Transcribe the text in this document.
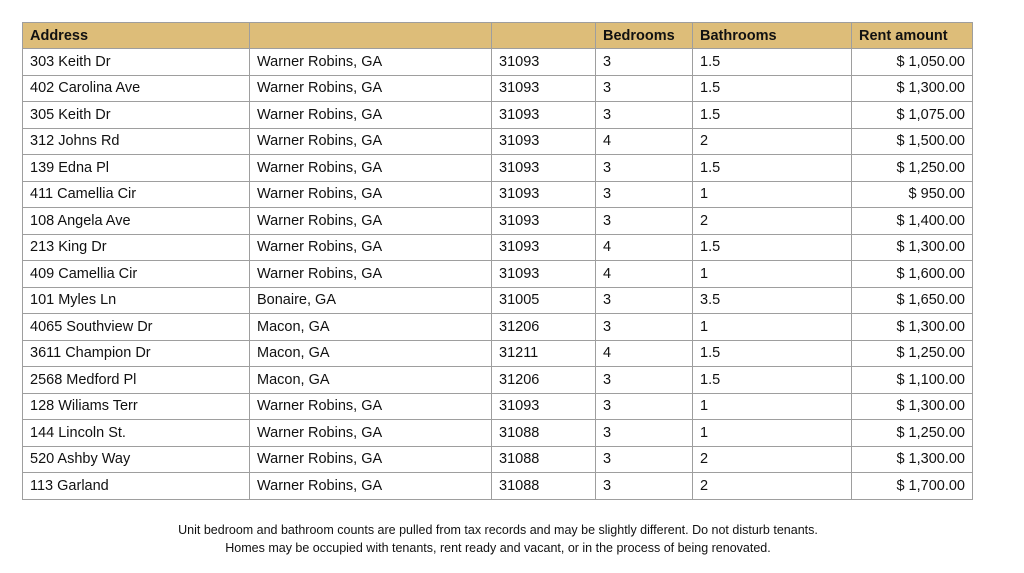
Address			Bedrooms	Bathrooms	Rent amount
303 Keith Dr	Warner Robins, GA	31093	3	1.5	$ 1,050.00
402 Carolina Ave	Warner Robins, GA	31093	3	1.5	$ 1,300.00
305 Keith Dr	Warner Robins, GA	31093	3	1.5	$ 1,075.00
312 Johns Rd	Warner Robins, GA	31093	4	2	$ 1,500.00
139 Edna Pl	Warner Robins, GA	31093	3	1.5	$ 1,250.00
411 Camellia Cir	Warner Robins, GA	31093	3	1	$ 950.00
108 Angela Ave	Warner Robins, GA	31093	3	2	$ 1,400.00
213 King Dr	Warner Robins, GA	31093	4	1.5	$ 1,300.00
409 Camellia Cir	Warner Robins, GA	31093	4	1	$ 1,600.00
101 Myles Ln	Bonaire, GA	31005	3	3.5	$ 1,650.00
4065 Southview Dr	Macon, GA	31206	3	1	$ 1,300.00
3611 Champion Dr	Macon, GA	31211	4	1.5	$ 1,250.00
2568 Medford Pl	Macon, GA	31206	3	1.5	$ 1,100.00
128 Wiliams Terr	Warner Robins, GA	31093	3	1	$ 1,300.00
144 Lincoln St.	Warner Robins, GA	31088	3	1	$ 1,250.00
520 Ashby Way	Warner Robins, GA	31088	3	2	$ 1,300.00
113 Garland	Warner Robins, GA	31088	3	2	$ 1,700.00
Unit bedroom and bathroom counts are pulled from tax records and may be slightly different. Do not disturb tenants.
Homes may be occupied with tenants, rent ready and vacant, or in the process of being renovated.
